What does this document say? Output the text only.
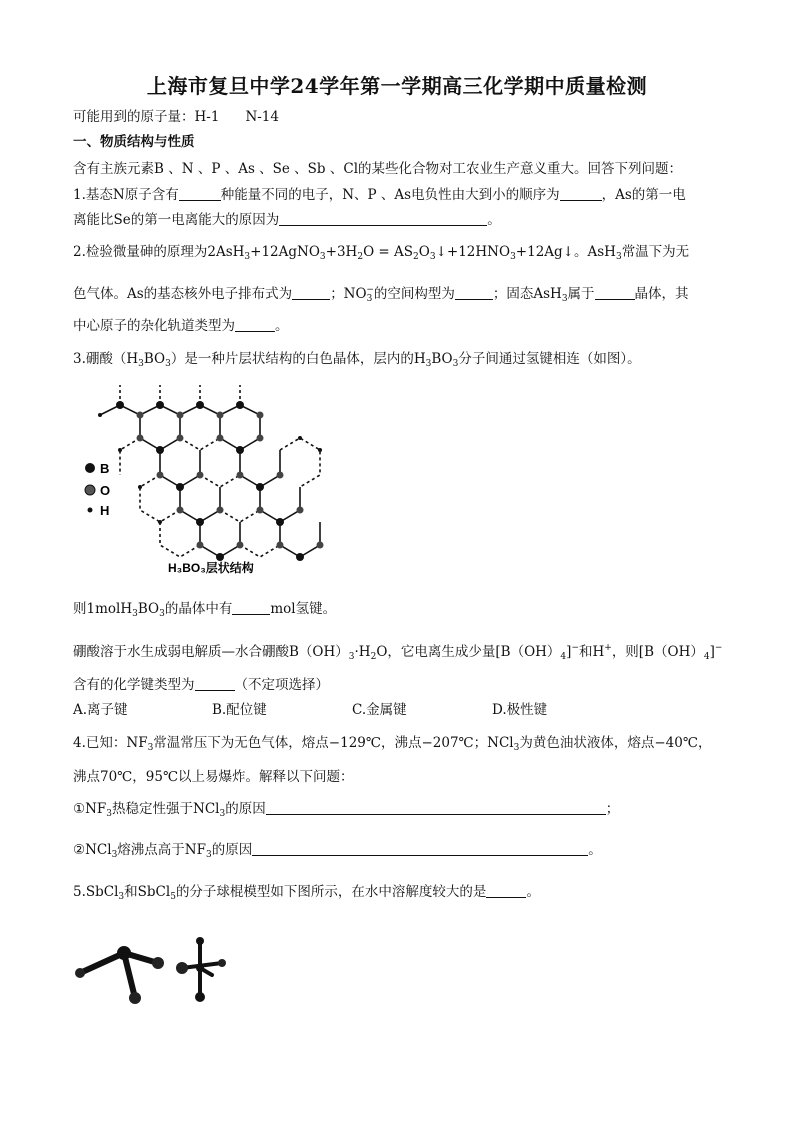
上海市复旦中学24学年第一学期高三化学期中质量检测
可能用到的原子量：H-1 N-14
一、物质结构与性质
含有主族元素B 、N 、P 、As 、Se 、Sb 、Cl的某些化合物对工农业生产意义重大。回答下列问题：
1.基态N原子含有	种能量不同的电子，N、P 、As电负性由大到小的顺序为	，As的第一电
离能比Se的第一电离能大的原因为	。
2.检验微量砷的原理为$2AsH_3+12AgNO_3+3H_2O$ = $AS_2O_3↓+12HNO_3+12Ag↓$。AsH$_3$常温下为无
色气体。As的基态核外电子排布式为	；$NO_3^-$的空间构型为	；固态AsH$_3$属于	晶体，其
中心原子的杂化轨道类型为	。
3.硼酸$(H_3BO_3)$是一种片层状结构的白色晶体，层内的$H_3BO_3$分子间通过氢键相连（如图）。
B
O
H
H₃BO₃层状结构
则$1molH_3BO_3$的晶体中有	mol氢键。
硼酸溶于水生成弱电解质—水合硼酸$B(OH)_3\cdot H_2O$，它电离生成少量$[B(OH)_4]^-$和H+，则$[B(OH)_4]^-$
含有的化学键类型为	（不定项选择）
A.离子键	B.配位键	C.金属键	D.极性键
4.已知：$NF_3$常温常压下为无色气体，熔点−129℃，沸点−207℃；NCl$_3$为黄色油状液体，熔点−40℃，
沸点70℃，95℃以上易爆炸。解释以下问题：
$①NF_3$热稳定性强于NCl$_3$的原因	；
②NCl$_3$熔沸点高于$NF_3$的原因	。
5.SbCl$_3$和SbCl$_5$的分子球棍模型如下图所示，在水中溶解度较大的是	。
